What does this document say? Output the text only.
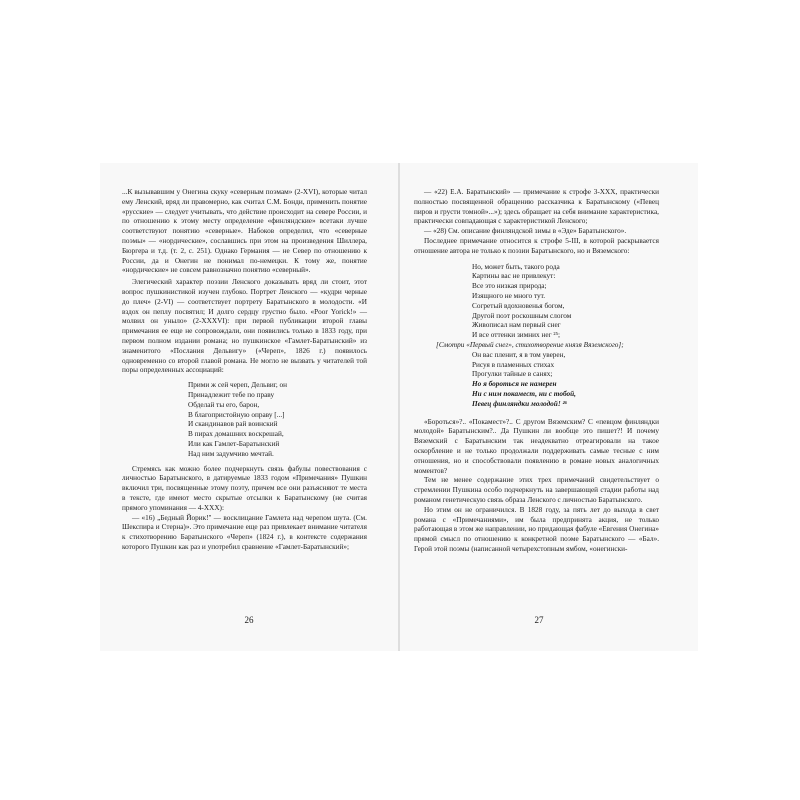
...К вызывавшим у Онегина скуку «северным поэмам» (2-XVI), которые читал ему Ленский, вряд ли правомерно, как считал С.М. Бонди, применить понятие «русские» — следует учитывать, что действие происходит на севере России, и по отношению к этому месту определение «финляндские» всетаки лучше соответствуют понятию «северные». Набоков определил, что «северные поэмы» — «нордические», сославшись при этом на произведения Шиллера, Бюргера и т.д. (т. 2, с. 251). Однако Германия — не Север по отношению к России, да и Онегин не понимал по-немецки. К тому же, понятие «нордические» не совсем равнозначно понятию «северный».

Элегический характер поэзии Ленского доказывать вряд ли стоит, этот вопрос пушкинистикой изучен глубоко. Портрет Ленского — «кудри черные до плеч» (2-VI) — соответствует портрету Баратынского в молодости. «И вздох он пеплу посвятил; И долго сердцу грустно было. «Poor Yorick!» — молвил он уныло» (2-XXXVI): при первой публикации второй главы примечания ее еще не сопровождали, они появились только в 1833 году, при первом полном издании романа; но пушкинское «Гамлет-Баратынский» из знаменитого «Послания Дельвигу» («Череп», 1826 г.) появилось одновременно со второй главой романа. Не могло не вызвать у читателей той поры определенных ассоциаций:

Прими ж сей череп, Дельвиг, он
Принадлежит тебе по праву
Обделай ты его, барон,
В благопристойную оправу [...]
И скандинавов рай воинский
В пирах домашних воскрешай,
Или как Гамлет-Баратынский
Над ним задумчиво мечтай.

Стремясь как можно более подчеркнуть связь фабулы повествования с личностью Баратынского, в датируемые 1833 годом «Примечания» Пушкин включил три, посвященные этому поэту, причем все они разъясняют те места в тексте, где имеют место скрытые отсылки к Баратынскому (не считая прямого упоминания — 4-XXX):

— «16) „Бедный Йорик!" — восклицание Гамлета над черепом шута. (См. Шекспира и Стерна)». Это примечание еще раз привлекает внимание читателя к стихотворению Баратынского «Череп» (1824 г.), в контексте содержания которого Пушкин как раз и употребил сравнение «Гамлет-Баратынский»;

26

— «22) Е.А. Баратынский» — примечание к строфе 3-XXX, практически полностью посвященной обращению рассказчика к Баратынскому («Певец пиров и грусти томной»...»); здесь обращает на себя внимание характеристика, практически совпадающая с характеристикой Ленского;

— «28) См. описание финляндской зимы в «Эде» Баратынского».

Последнее примечание относится к строфе 5-III, в которой раскрывается отношение автора не только к поэзии Баратынского, но и Вяземского:

Но, может быть, такого рода
Картины вас не привлекут:
Все это низкая природа;
Изящного не много тут.
Согретый вдохновенья богом,
Другой поэт роскошным слогом
Живописал нам первый снег
И все оттенки зимних нег ²⁵;
[Смотри «Первый снег», стихотворение князя Вяземского];
Он вас пленит, я в том уверен,
Рисуя в пламенных стихах
Прогулки тайные в санях;
Но я бороться не намерен
Ни с ним покамест, ни с тобой,
Певец финляндки молодой! ²⁶

«Бороться»?.. «Покамест»?.. С другом Вяземским? С «певцом финляндки молодой» Баратынским?.. Да Пушкин ли вообще это пишет?! И почему Вяземский с Баратынским так неадекватно отреагировали на такое оскорбление и не только продолжали поддерживать самые тесные с ним отношения, но и способствовали появлению в романе новых аналогичных моментов?

Тем не менее содержание этих трех примечаний свидетельствует о стремлении Пушкина особо подчеркнуть на завершающей стадии работы над романом генетическую связь образа Ленского с личностью Баратынского.

Но этим он не ограничился. В 1828 году, за пять лет до выхода в свет романа с «Примечаниями», им была предпринята акция, не только работающая в этом же направлении, но придающая фабуле «Евгения Онегина» прямой смысл по отношению к конкретной поэме Баратынского — «Бал». Герой этой поэмы (написанной четырехстопным ямбом, «онегински-

27
